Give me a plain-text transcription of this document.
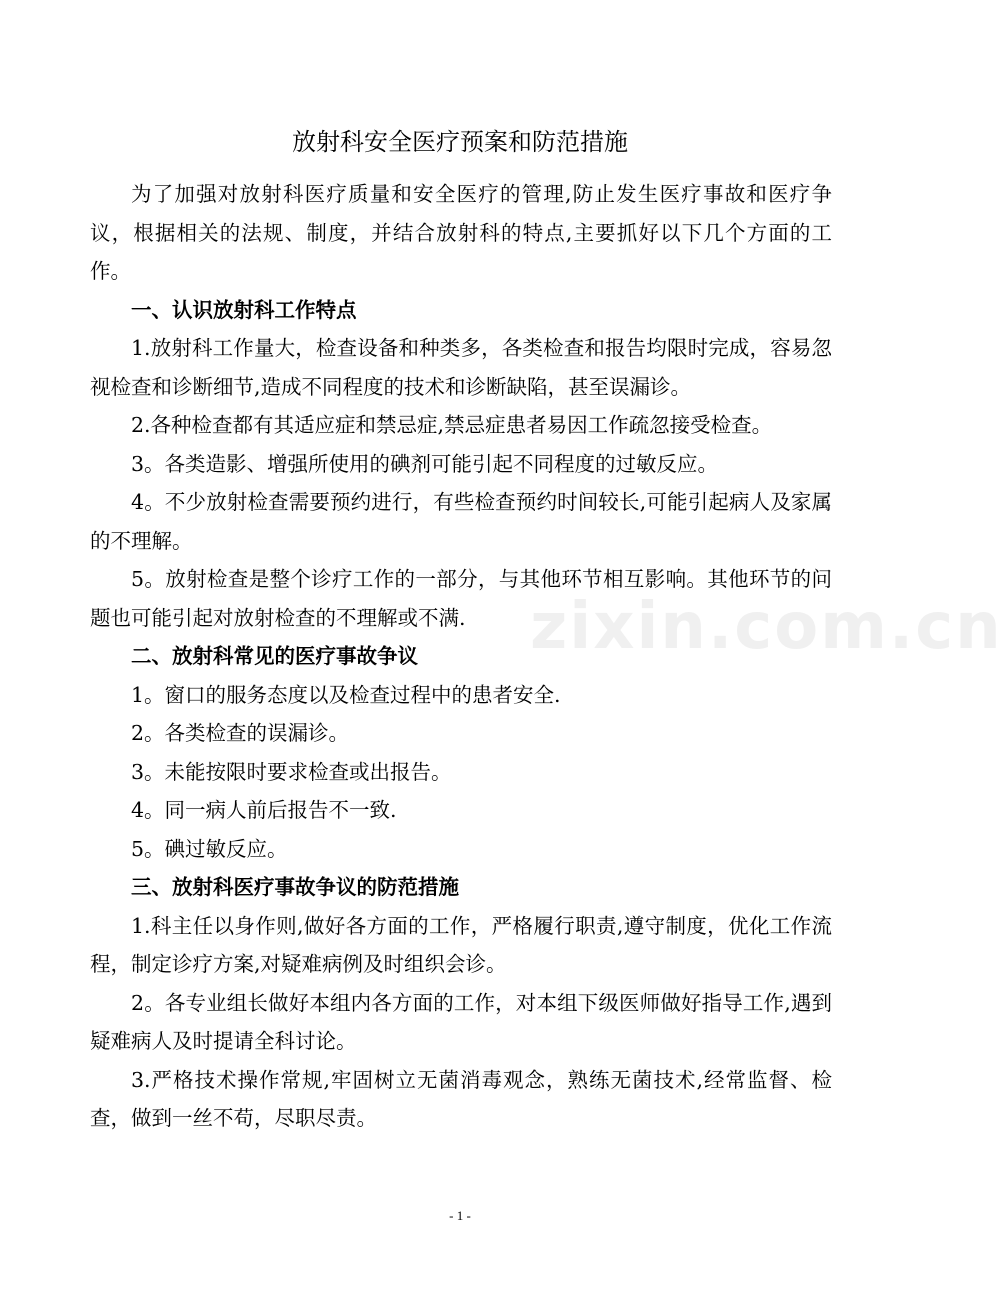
放射科安全医疗预案和防范措施

为了加强对放射科医疗质量和安全医疗的管理,防止发生医疗事故和医疗争议，根据相关的法规、制度，并结合放射科的特点,主要抓好以下几个方面的工作。

一、认识放射科工作特点

1.放射科工作量大，检查设备和种类多，各类检查和报告均限时完成，容易忽视检查和诊断细节,造成不同程度的技术和诊断缺陷，甚至误漏诊。

2.各种检查都有其适应症和禁忌症,禁忌症患者易因工作疏忽接受检查。

3。各类造影、增强所使用的碘剂可能引起不同程度的过敏反应。

4。不少放射检查需要预约进行，有些检查预约时间较长,可能引起病人及家属的不理解。

5。放射检查是整个诊疗工作的一部分，与其他环节相互影响。其他环节的问题也可能引起对放射检查的不理解或不满.

二、放射科常见的医疗事故争议

1。窗口的服务态度以及检查过程中的患者安全.

2。各类检查的误漏诊。

3。未能按限时要求检查或出报告。

4。同一病人前后报告不一致.

5。碘过敏反应。

三、放射科医疗事故争议的防范措施

1.科主任以身作则,做好各方面的工作，严格履行职责,遵守制度，优化工作流程，制定诊疗方案,对疑难病例及时组织会诊。

2。各专业组长做好本组内各方面的工作，对本组下级医师做好指导工作,遇到疑难病人及时提请全科讨论。

3.严格技术操作常规,牢固树立无菌消毒观念，熟练无菌技术,经常监督、检查，做到一丝不苟，尽职尽责。

zixin.com.cn
- 1 -
